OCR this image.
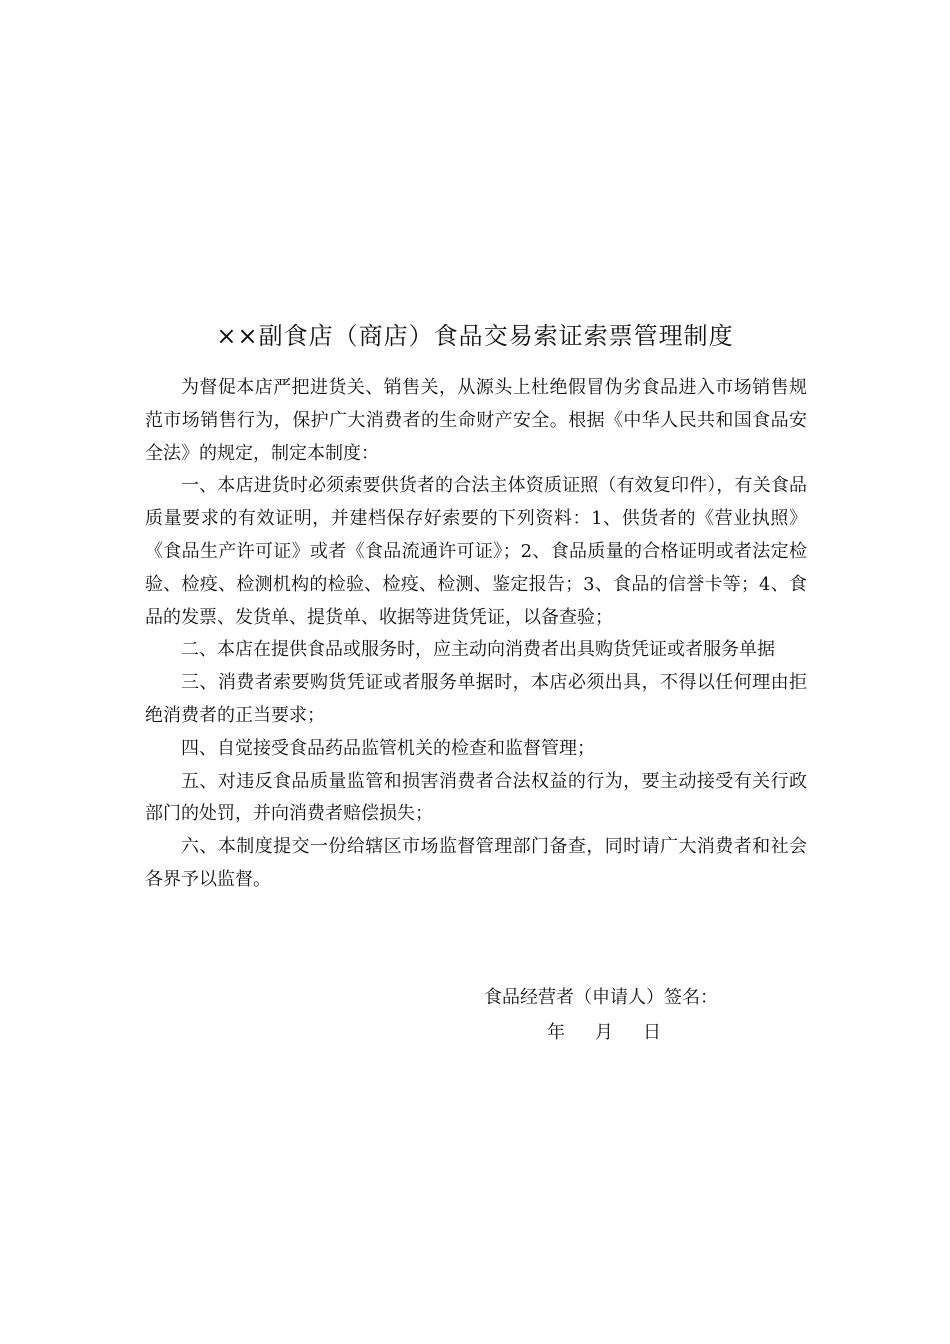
××副食店（商店）食品交易索证索票管理制度

为督促本店严把进货关、销售关，从源头上杜绝假冒伪劣食品进入市场销售规范市场销售行为，保护广大消费者的生命财产安全。根据《中华人民共和国食品安全法》的规定，制定本制度：

一、本店进货时必须索要供货者的合法主体资质证照（有效复印件），有关食品质量要求的有效证明，并建档保存好索要的下列资料：1、供货者的《营业执照》《食品生产许可证》或者《食品流通许可证》；2、食品质量的合格证明或者法定检验、检疫、检测机构的检验、检疫、检测、鉴定报告；3、食品的信誉卡等；4、食品的发票、发货单、提货单、收据等进货凭证，以备查验；

二、本店在提供食品或服务时，应主动向消费者出具购货凭证或者服务单据

三、消费者索要购货凭证或者服务单据时，本店必须出具，不得以任何理由拒绝消费者的正当要求；

四、自觉接受食品药品监管机关的检查和监督管理；

五、对违反食品质量监管和损害消费者合法权益的行为，要主动接受有关行政部门的处罚，并向消费者赔偿损失；

六、本制度提交一份给辖区市场监督管理部门备查，同时请广大消费者和社会各界予以监督。

食品经营者（申请人）签名：
年 月 日
